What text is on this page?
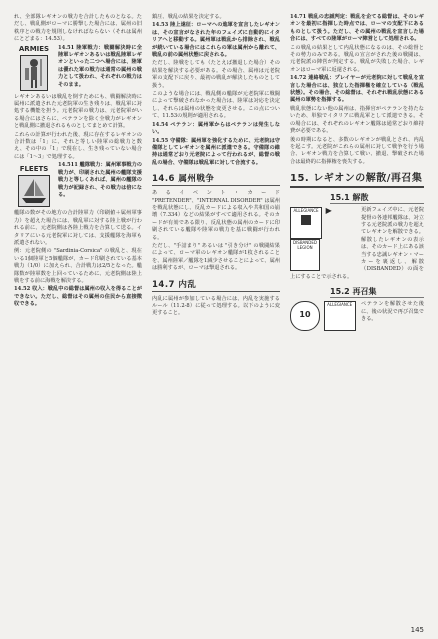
れ、全部隊レギオンの戦力を合計したものとなる。ただし、戦乱側がローマに勝撃した場合には、属州の旧秩序との戦力を規則しなければならない（それは属州にとどまる：14.53）。

ARMIES	14.51 陸軍戦力：戦闘解決時に全陸軍レギオンあるいは戦乱陸軍レギオンといった二つへ場合には、陸軍は優れた軍の戦力は通常の属州の戦力として扱われ、それぞれの戦力はそのまま。

レギオンあるいは戦乱を倒すためにも、戦闘解決時に属州に派遣された元老院軍の生き残りは、戦乱軍に対処する機能を担う。元老院軍の戦力は、元老院軍がいる場合にはさらに、ペテランを除く全戦力がレギオンと戦乱側に撤退されるものとしてまとめて計算。

これらの計算が行われた後、現に存在するレギオンの合計数は「1」に、それと等しい陸軍の総戦力と数え、その中の「1」で現在し、生き残っていない場合には「1〜3」で処理する。

FLEETS	14.511 艦隊戦力：属州軍事戦力の戦力が、印刷された属州の艦隊支援戦力と等しくあれば、属州の艦隊の戦力が記録され、その戦力は倍になる。

艦隊の数がその地方の合計陸軍力（印刷値＋属州軍事力）を超えた場合には、戦乱軍に対する陸上戦が行われる前に、元老院側は各陸上戦力を合算して送る。イタリアにいる元老院軍に対しては、支援艦隊を海軍も派遣されない。

例：元老院側の "Sardinia-Corsica" の戦乱と、現在いる1個陸軍と5個艦隊が、カード印刷されている基本戦力（1/0）に加えられ、合計戦力は2/5となった。艦隊数が陸軍数を上回っているために、元老院側は陸上戦をする前に海戦を解決する。

14.52 収入：戦乱中の総督は属州の収入を得ることができない。ただし、総督はその属州の住民から直接徴収できる。

鎮圧、戦乱の結果を決定する。

14.53 陸上遠征：ローマへの進軍を宣言したレギオンは、その宣言がなされた年のフェイズに自動的にイタリアへと移動する。属州軍は戦乱から排除され、戦乱が続いている場合にはこれらの軍は属州から離れて、戦乱の前の属州状態に戻される。

ただし、陸戦をしても（たとえば撤退した場合）その結果を解決する必要がある。その場合、属州は元老院軍の支配下に戻り、最初の戦乱が解決したものとして扱う。

このような場合には、戦乱側の艦隊が元老院軍に戦闘によって撃破されなかった場合は、陸軍は対応を決定し、それらは属州の状態を変更させる。この点について、11.53の規則が適用される。

14.54 ペテラン：属州軍からはペテランは発生しない。

14.55 守備隊：属州軍を強化するために、元老院は守備隊としてレギオンを属州に派遣できる。守備隊の維持は通常どおり元老院によって行われるが、総督の戦乱の場合、守備隊は戦乱軍に対して合流する。

14.6 属州戦争

あるイベント・カード "PRETENDER"、"INTERNAL DISORDER" は属州を戦乱状態にし、反乱カードによる収入や共和国の崩壊（7.334）などの結果がすべて適用される。そのカードが有効である限り、反乱状態の属州のカードに印刷されている艦隊や陸軍の戦力を基に戦闘が行われる。

ただし、"手詰まり" あるいは "引き分け" の戦闘結果によって、ローマ軍のレギオン艦隊が1枚されることを、属州陸軍／艦隊を1減少させることによって、属州は勝利するが、ローマは撃退される。

14.7 内乱

内乱に属州が参加している場合には、内乱を実施するルール（11.2-8）に従って処理する。以下のように変更すること。

14.71 戦乱の忠誠判定：戦乱を企てる総督は、そのレギオンを最初に指揮した時点では、ローマの支配下にあるものとして扱う。ただし、その属州の戦乱を宣言した場合には、すべての陸軍がローマ陣営として処理される。

この戦乱の結果として内乱状態になるのは、その総督とその勢力のみである。戦乱の宣言がされた後の戦闘は、元老院派の陣営が判定する。戦乱が失敗した場合、レギオンはローマ軍に返還される。

14.72 連絡戦乱：プレイヤーが元老院に対して戦乱を宣言した場合には、独立した指揮権を確立している（戦乱状態）。その場合、その総督は、それぞれ戦乱状態にある属州の軍勢を指揮する。

戦乱状態にない他の属州は、指揮官がペテランを持たないため、単独でイタリアに戦乱軍として派遣できる。その場合には、それぞれのレギオン艦隊は通常どおり維持費が必要である。

後の時期になると、多数のレギオンが戦乱とされ、内乱を起こす。元老院がこれらの属州に対して戦争を行う場合、レギオン戦力を合算して戦い、撤退、撃破された場合は最終的に指揮権を喪失する。

15. レギオンの解散/再召集
15.1 解散
ALLEGIANCE ▶
DISBANDED
LEGION

更新フェイズ中に、元老院提督の各連邦艦隊は、対立する元老院派の戦力を超えてレギオンを解散できる。解散したレギオンの表示は、そのカード上にある該当する忠誠レギオン・マーカーを裏返し、解散（DISBANDED）の面を上にすることで示される。

15.2 再召集
10

ALLEGIANCE	ペテランを解散させた後に、後の状況で再び召集できる。

145
